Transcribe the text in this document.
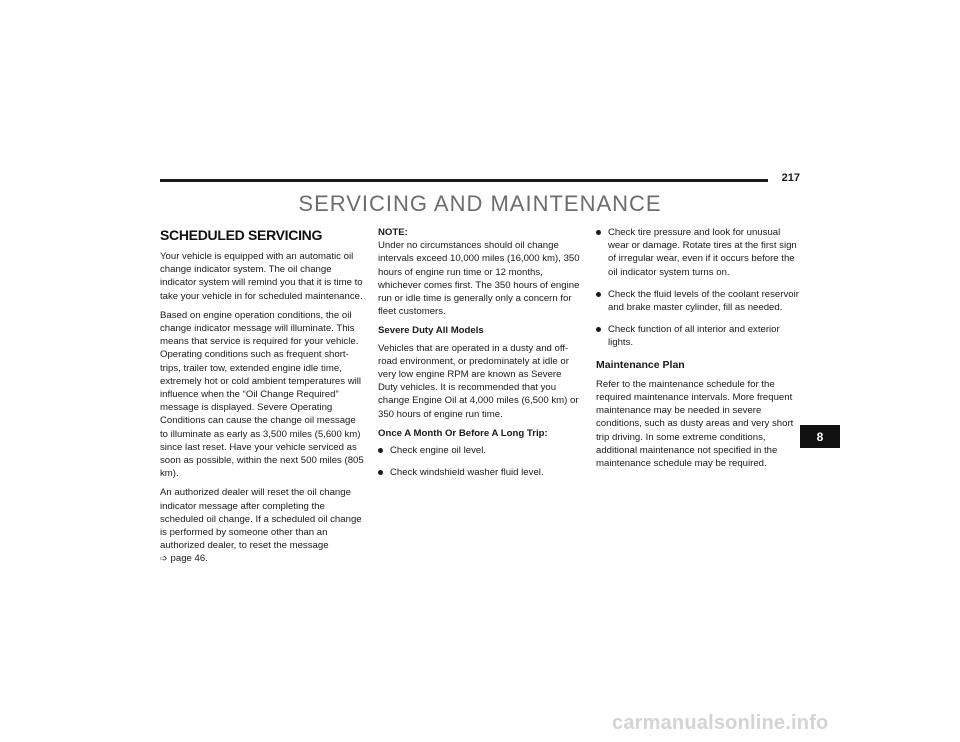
217
SERVICING AND MAINTENANCE
SCHEDULED SERVICING

Your vehicle is equipped with an automatic oil change indicator system. The oil change indicator system will remind you that it is time to take your vehicle in for scheduled maintenance.

Based on engine operation conditions, the oil change indicator message will illuminate. This means that service is required for your vehicle. Operating conditions such as frequent short-trips, trailer tow, extended engine idle time, extremely hot or cold ambient temperatures will influence when the “Oil Change Required” message is displayed. Severe Operating Conditions can cause the change oil message to illuminate as early as 3,500 miles (5,600 km) since last reset. Have your vehicle serviced as soon as possible, within the next 500 miles (805 km).

An authorized dealer will reset the oil change indicator message after completing the scheduled oil change. If a scheduled oil change is performed by someone other than an authorized dealer, to reset the message
➩ page 46.

NOTE:

Under no circumstances should oil change intervals exceed 10,000 miles (16,000 km), 350 hours of engine run time or 12 months, whichever comes first. The 350 hours of engine run or idle time is generally only a concern for fleet customers.

Severe Duty All Models

Vehicles that are operated in a dusty and off-road environment, or predominately at idle or very low engine RPM are known as Severe Duty vehicles. It is recommended that you change Engine Oil at 4,000 miles (6,500 km) or 350 hours of engine run time.

Once A Month Or Before A Long Trip:
Check engine oil level.
Check windshield washer fluid level.
Check tire pressure and look for unusual wear or damage. Rotate tires at the first sign of irregular wear, even if it occurs before the oil indicator system turns on.
Check the fluid levels of the coolant reservoir and brake master cylinder, fill as needed.
Check function of all interior and exterior lights.
Maintenance Plan

Refer to the maintenance schedule for the required maintenance intervals. More frequent maintenance may be needed in severe conditions, such as dusty areas and very short trip driving. In some extreme conditions, additional maintenance not specified in the maintenance schedule may be required.

8
carmanualsonline.info
